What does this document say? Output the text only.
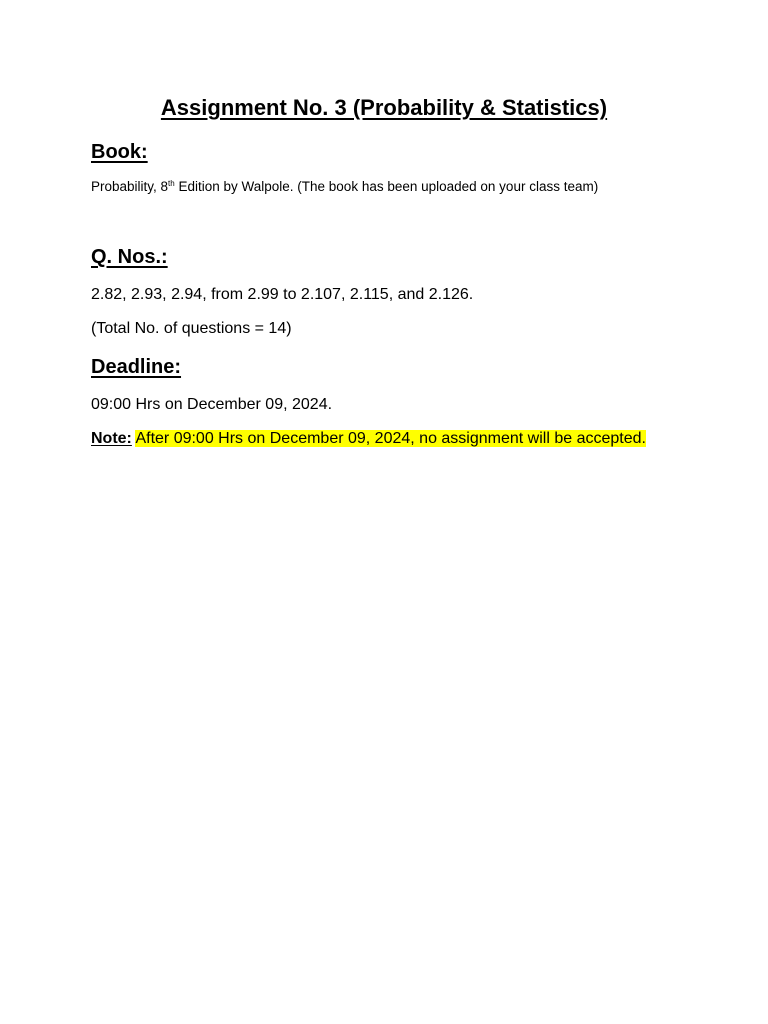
Assignment No. 3 (Probability & Statistics)
Book:
Probability, 8th Edition by Walpole. (The book has been uploaded on your class team)
Q. Nos.:
2.82, 2.93, 2.94, from 2.99 to 2.107, 2.115, and 2.126.
(Total No. of questions = 14)
Deadline:
09:00 Hrs on December 09, 2024.
Note: After 09:00 Hrs on December 09, 2024, no assignment will be accepted.
